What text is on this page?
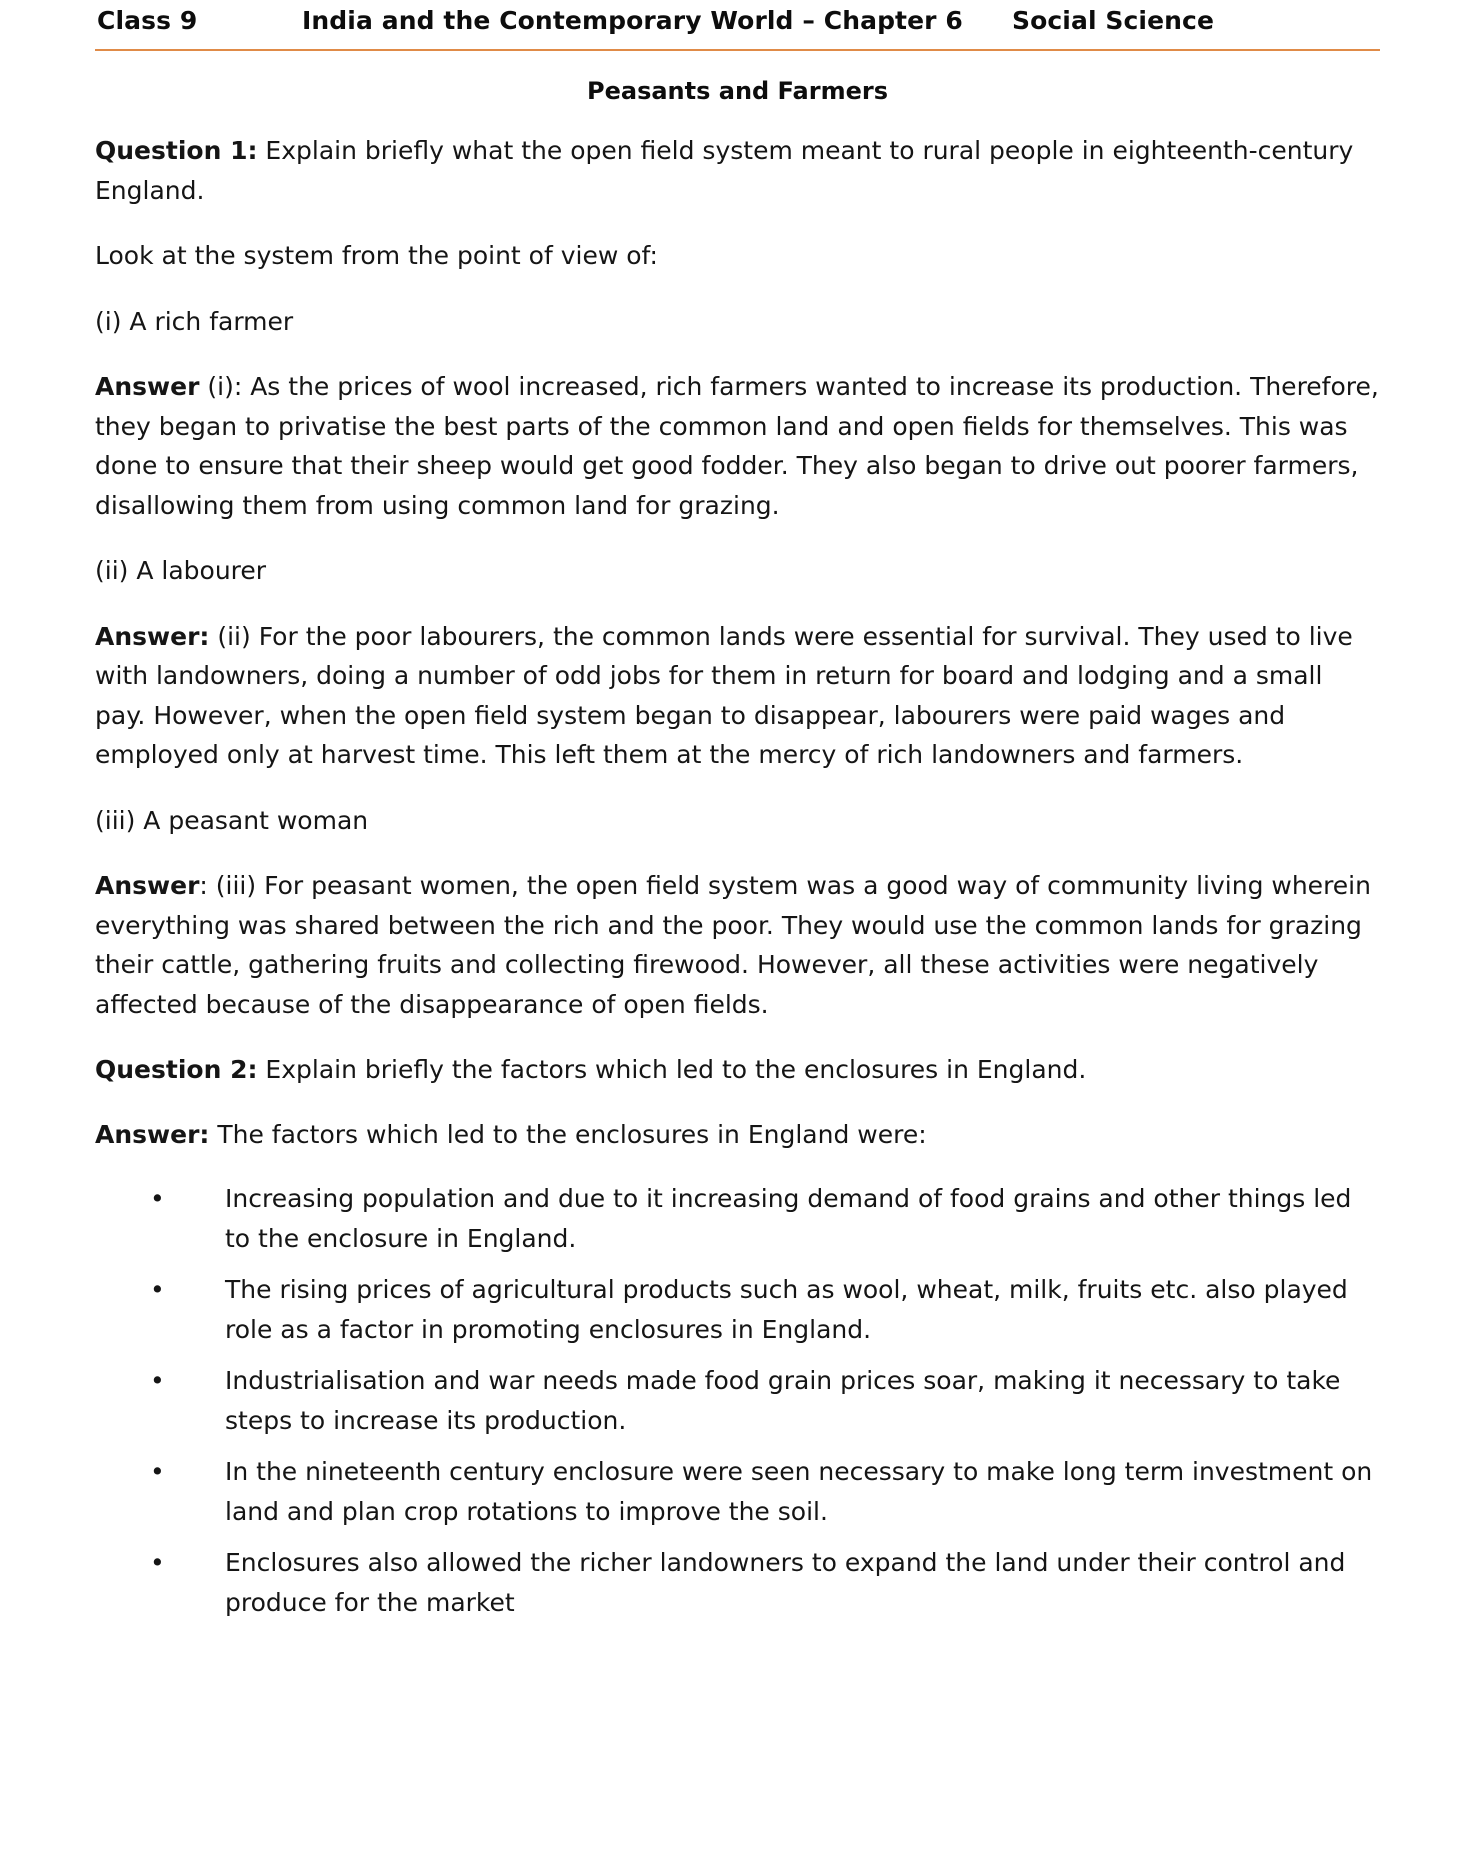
Class 9	India and the Contemporary World – Chapter 6	Social Science
Peasants and Farmers

Question 1: Explain briefly what the open field system meant to rural people in eighteenth-century England.

Look at the system from the point of view of:

(i) A rich farmer

Answer (i): As the prices of wool increased, rich farmers wanted to increase its production. Therefore, they began to privatise the best parts of the common land and open fields for themselves. This was done to ensure that their sheep would get good fodder. They also began to drive out poorer farmers, disallowing them from using common land for grazing.

(ii) A labourer

Answer: (ii) For the poor labourers, the common lands were essential for survival. They used to live with landowners, doing a number of odd jobs for them in return for board and lodging and a small pay. However, when the open field system began to disappear, labourers were paid wages and employed only at harvest time. This left them at the mercy of rich landowners and farmers.

(iii) A peasant woman

Answer: (iii) For peasant women, the open field system was a good way of community living wherein everything was shared between the rich and the poor. They would use the common lands for grazing their cattle, gathering fruits and collecting firewood. However, all these activities were negatively affected because of the disappearance of open fields.

Question 2: Explain briefly the factors which led to the enclosures in England.

Answer: The factors which led to the enclosures in England were:

• Increasing population and due to it increasing demand of food grains and other things led to the enclosure in England.
• The rising prices of agricultural products such as wool, wheat, milk, fruits etc. also played role as a factor in promoting enclosures in England.
• Industrialisation and war needs made food grain prices soar, making it necessary to take steps to increase its production.
• In the nineteenth century enclosure were seen necessary to make long term investment on land and plan crop rotations to improve the soil.
• Enclosures also allowed the richer landowners to expand the land under their control and produce for the market
